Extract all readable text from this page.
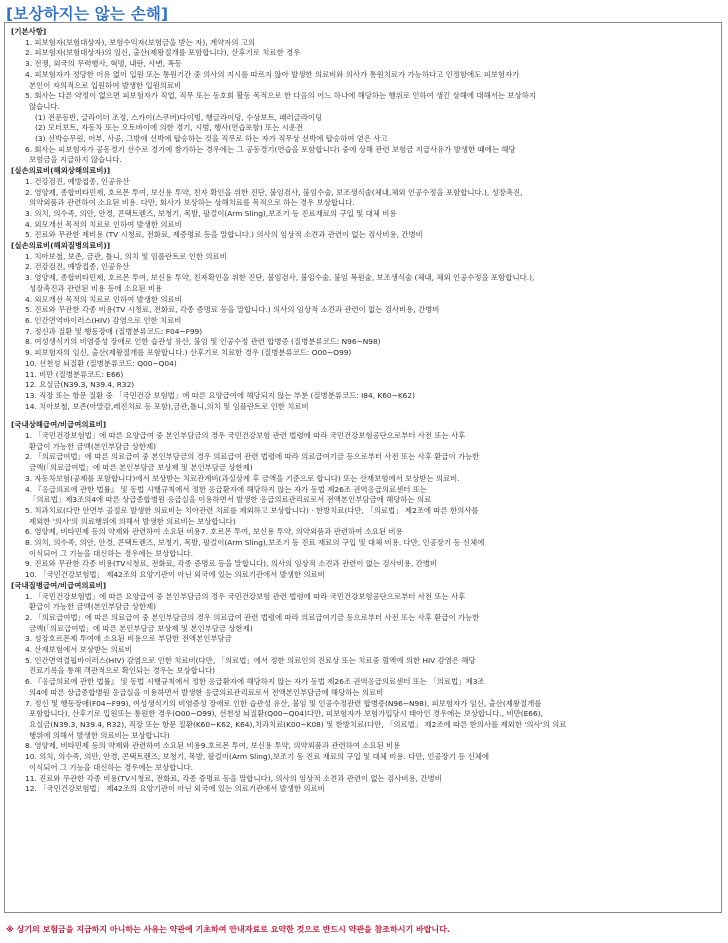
[보상하지는 않는 손해]

[기본사항]

1. 피보험자(보험대상자), 보험수익자(보험금을 받는 자), 계약자의 고의

2. 피보험자(보험대상자)의 임신, 출산(제왕절개를 포함합니다), 산후기로 치료한 경우

3. 전쟁, 외국의 무력행사, 혁명, 내란, 사변, 폭동

4. 피보험자가 정당한 이유 없이 입원 또는 통원기간 중 의사의 지시를 따르지 않아 발생한 의료비와 의사가 통원치료가 가능하다고 인정함에도 피보험자가

본인이 자의적으로 입원하여 발생한 입원의료비

5. 회사는 다른 약정이 없으면 피보험자가 직업, 직무 또는 동호회 활동 목적으로 한 다음의 어느 하나에 해당하는 행위로 인하여 생긴 상해에 대해서는 보상하지

않습니다.

(1) 전문등반, 글라이더 조정, 스카이(스쿠버)다이빙, 행글라이딩, 수상보트, 패러글라이딩

(2) 모터보트, 자동차 또는 오토바이에 의한 경기, 시범, 행사(연습포함) 또는 시운전

(3) 선박승무원, 어부, 사공, 그밖에 선박에 탑승하는 것을 직무로 하는 자가 직무상 선박에 탑승하여 얻은 사고

6. 회사는 피보험자가 공동경기 선수로 경기에 참가하는 경우에는 그 공동경기(연습을 포함합니다) 중에 상해 관련 보험금 지급사유가 발생한 때에는 해당

보험금을 지급하지 않습니다.

[실손의료비(해외상해의료비)]

1. 건강검진, 예방접종, 인공유산

2. 영양제, 종합비타민제, 호르몬 투여, 보신용 투약, 친자 확인을 위한 진단, 불임검사, 불임수술, 보조생식술(체내,체외 인공수정을 포함합니다.), 성장촉진,

의약외품과 관련하여 소요된 비용. 다만, 회사가 보상하는 상해치료를 목적으로 하는 경우 보상합니다.

3. 의치, 의수족, 의안, 안경, 콘택트렌즈, 보청기, 목발, 팔걸이(Arm Sling),보조기 등 진료재료의 구입 및 대체 비용

4. 외모개선 목적의 치료로 인하여 발생한 의료비

5. 진료와 무관한 제비용 (TV 시청료, 전화료, 제증명료 등을 말합니다.) 의사의 임상적 소견과 관련이 없는 검사비용, 간병비

[실손의료비(해외질병의료비)]

1. 치아보철, 보존, 금관, 틀니, 의치 및 임플란트로 인한 의료비

2. 건강검진, 예방접종, 인공유산

3. 영양제, 종합비타민제, 호르몬 투여, 보신용 투약, 친자확인을 위한 진단, 불임검사, 불임수술, 불임 복원술, 보조생식술 (체내, 체외 인공수정을 포함합니다.),

성장촉진과 관련된 비용 등에 소요된 비용

4. 외모개선 목적의 치료로 인하여 발생한 의료비

5. 진료와 무관한 각종 비용(TV 시청료, 전화료, 각종 증명료 등을 말합니다.) 의사의 임상적 소견과 관련이 없는 검사비용, 간병비

6. 인간면역바이러스(HIV) 감염으로 인한 치료비

7. 정신과 질환 및 행동장애 (질병분류코드: F04~F99)

8. 여성생식기의 비염증성 장애로 인한 습관성 유산, 불임 및 인공수정 관련 합병증 (질병분류코드: N96~N98)

9. 피보험자의 임신, 출산(제왕절개를 포함합니다.) 산후기로 치료한 경우 (질병분류코드: O00~O99)

10. 선천성 뇌질환 (질병분류코드: Q00~Q04)

11. 비만 (질병분류코드: E66)

12. 요실금(N39.3, N39.4, R32)

13. 직장 또는 항문 질환 중 「국민건강 보험법」에 따른 요양급여에 해당되지 않는 부분 (질병분류코드: I84, K60~K62)

14. 치아보철, 보존(아말감,레진치료 등 포함),금관,틀니,의치 및 임플란트로 인한 치료비

[국내상해급여/비급여의료비]

1. 「국민건강보험법」에 따른 요양급여 중 본인부담금의 경우 국민건강보험 관련 법령에 따라 국민건강보험공단으로부터 사전 또는 사후

환급이 가능한 금액(본인부담금 상한제)

2. 「의료급여법」에 따른 의료급여 중 본인부담금의 경우 의료급여 관련 법령에 따라 의료급여기금 등으로부터 사전 또는 사후 환급이 가능한

금액(「의료급여법」에 따른 본인부담금 보상제 및 본인부담금 상한제)

3. 자동차보험(공제를 포함합니다)에서 보상받는 치료관계비(과실상계 후 금액을 기준으로 합니다) 또는 산재보험에서 보상받는 의료비.

4. 『응급의료에 관한 법률』 및 동법 시행규칙에서 정한 응급환자에 해당하지 않는 자가 동법 제26조 권역응급의료센터 또는

「의료법」제3조의4에 따른 상급종합병원 응급실을 이용하면서 발생한 응급의료관리료로서 전액본인부담금에 해당하는 의료

5. 치과치료(다만 안면부 골절로 발생한 의료비는 치아관련 치료를 제외하고 보상합니다) · 한방치료(다만, 「의료법」 제2조에 따른 한의사를

제외한 '의사'의 의료행위에 의해서 발생한 의료비는 보상합니다)

6. 영양제, 비타민제 등의 약제와 관련하여 소요된 비용7. 호르몬 투여, 보신용 투약, 의약외품과 관련하여 소요된 비용

8. 의치, 의수족, 의안, 안경, 콘택트렌즈, 보청기, 목발, 팔걸이(Arm Sling),보조기 등 진료 재료의 구입 및 대체 비용. 다만, 인공장기 등 신체에

이식되어 그 기능을 대신하는 경우에는 보상합니다.

9. 진료와 무관한 각종 비용(TV시청료, 전화료, 각종 증명료 등을 말합니다), 의사의 임상적 소견과 관련이 없는 검사비용, 간병비

10. 「국민건강보험법」 제42조의 요양기관이 아닌 외국에 있는 의료기관에서 발생한 의료비

[국내질병급여/비급여의료비]

1. 「국민건강보험법」에 따른 요양급여 중 본인부담금의 경우 국민건강보험 관련 법령에 따라 국민건강보험공단으로부터 사전 또는 사후

환급이 가능한 금액(본인부담금 상한제)

2. 「의료급여법」에 따른 의료급여 중 본인부담금의 경우 의료급여 관련 법령에 따라 의료급여기금 등으로부터 사전 또는 사후 환급이 가능한

금액(「의료급여법」에 따른 본인부담금 보상제 및 본인부담금 상한제)

3. 성장호르몬제 투여에 소요된 비용으로 부담한 전액본인부담금

4. 산재보험에서 보상받는 의료비

5. 인간면역결핍바이러스(HIV) 감염으로 인한 치료비(다만, 「의료법」에서 정한 의료인의 진료상 또는 치료중 혈액에 의한 HIV 감염은 해당

진료기록을 통해 객관적으로 확인되는 경우는 보상합니다)

6. 『응급의료에 관한 법률』 및 동법 시행규칙에서 정한 응급환자에 해당하지 않는 자가 동법 제26조 권역응급의료센터 또는 「의료법」제3조

의4에 따른 상급종합병원 응급실을 이용하면서 발생한 응급의료관리료로서 전액본인부담금에 해당하는 의료비

7. 정신 및 행동장애(F04~F99), 여성생식기의 비염증성 장애로 인한 습관성 유산, 불임 및 인공수정관련 합병증(N96~N98), 피보험자가 임신, 출산(제왕절개를

포함합니다), 산후기로 입원또는 통원한 경우(O00~O99), 선천성 뇌질환(Q00~Q04)다만, 피보험자가 보험가입당시 태아인 경우에는 보상합니다., 비만(E66),

요실금(N39.3, N39.4, R32), 직장 또는 항문 질환(K60~K62, K64),치과치료(K00~K08) 및 한방치료(다만, 「의료법」 제2조에 따른 한의사를 제외한 '의사'의 의료

행위에 의해서 발생한 의료비는 보상합니다)

8. 영양제, 비타민제 등의 약제와 관련하여 소요된 비용9.호르몬 투여, 보신용 투약, 의약외품과 관련하여 소요된 비용

10. 의치, 의수족, 의안, 안경, 콘택트렌즈, 보청기, 목발, 팔걸이(Arm Sling),보조기 등 진료 재료의 구입 및 대체 비용. 다만, 인공장기 등 신체에

이식되어 그 기능을 대신하는 경우에는 보상합니다.

11. 진료와 무관한 각종 비용(TV시청료, 전화료, 각종 증명료 등을 말합니다), 의사의 임상적 소견과 관련이 없는 검사비용, 간병비

12. 「국민건강보험법」 제42조의 요양기관이 아닌 외국에 있는 의료기관에서 발생한 의료비

※ 상기의 보험금을 지급하지 아니하는 사유는 약관에 기초하여 안내자료로 요약한 것으로 반드시 약관을 참조하시기 바랍니다.
